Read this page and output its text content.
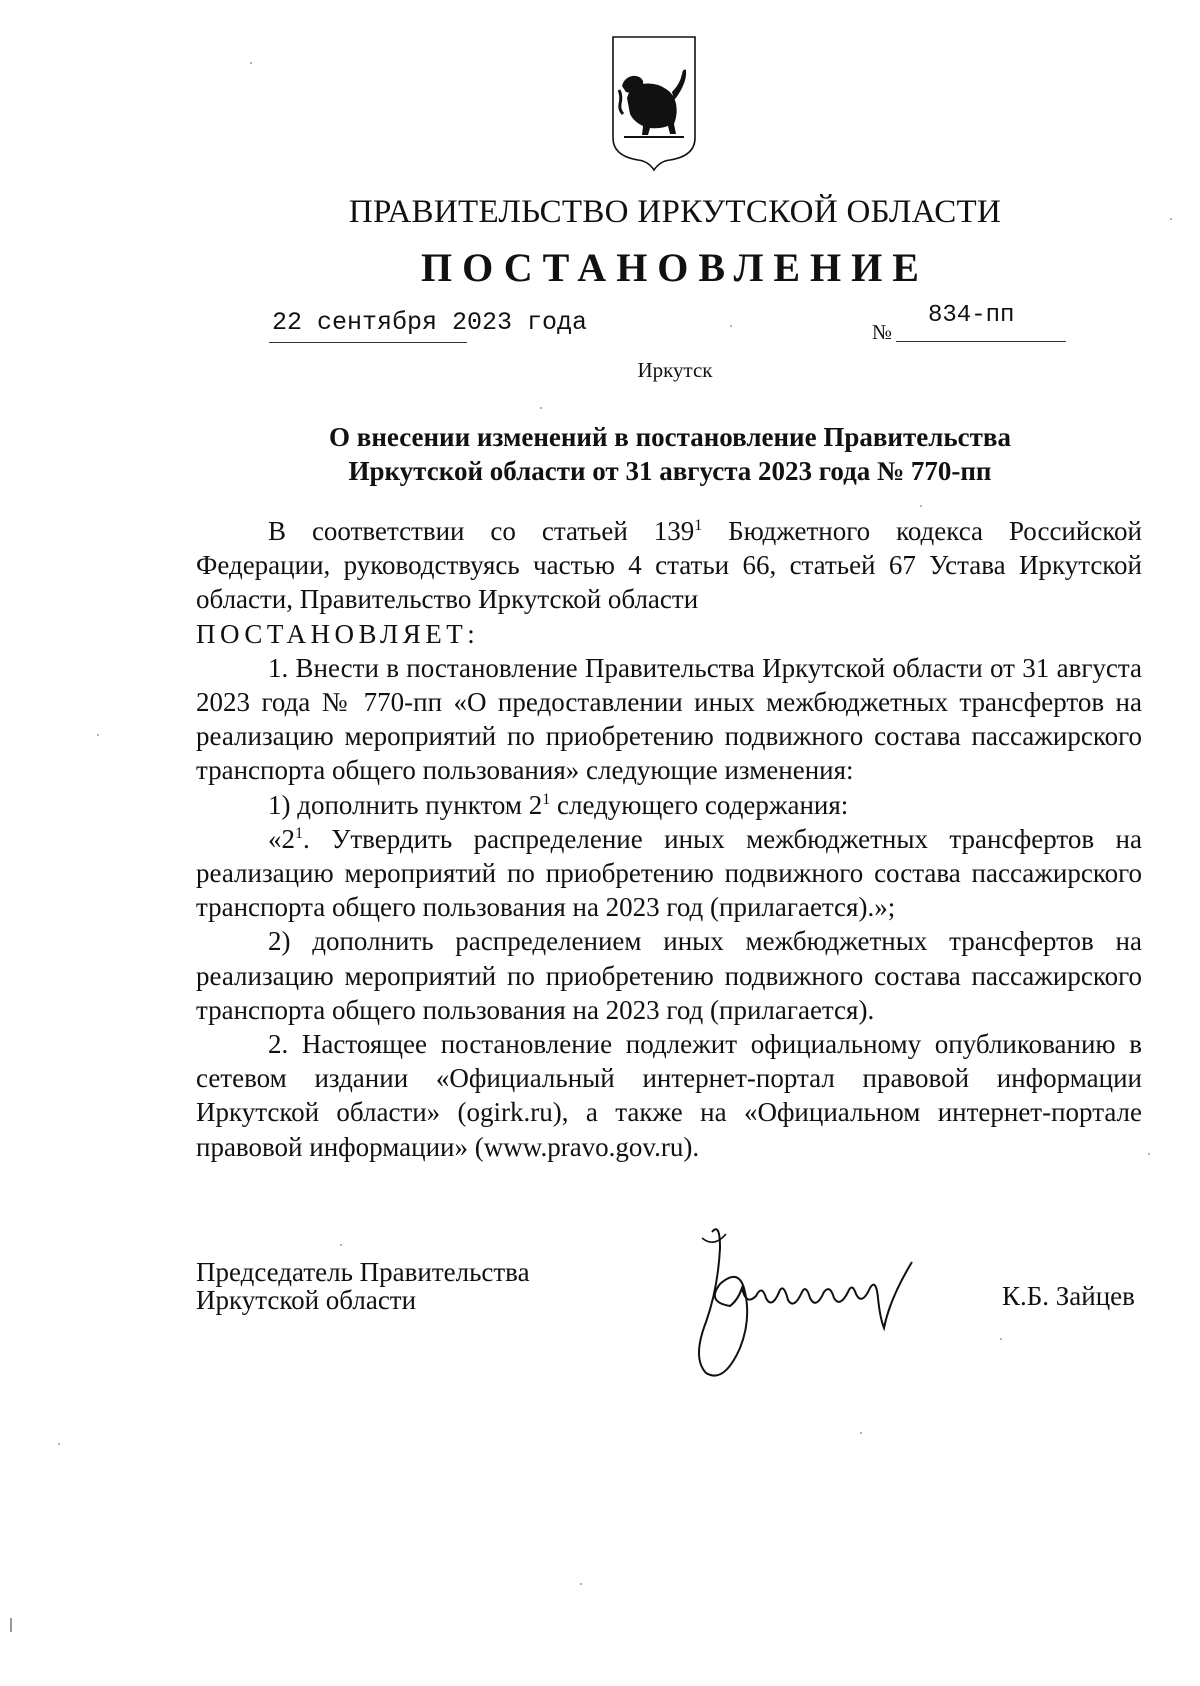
ПРАВИТЕЛЬСТВО ИРКУТСКОЙ ОБЛАСТИ
ПОСТАНОВЛЕНИЕ
22 сентября 2023 года	№
834-пп
Иркутск
О внесении изменений в постановление Правительства
Иркутской области от 31 августа 2023 года № 770-пп

В соответствии со статьей $139^1$ Бюджетного кодекса Российской Федерации, руководствуясь частью 4 статьи 66, статьей 67 Устава Иркутской области, Правительство Иркутской области

ПОСТАНОВЛЯЕТ:

1. Внести в постановление Правительства Иркутской области от 31 августа 2023 года № 770-пп «О предоставлении иных межбюджетных трансфертов на реализацию мероприятий по приобретению подвижного состава пассажирского транспорта общего пользования» следующие изменения:

1) дополнить пунктом $2^1$ следующего содержания:

«$2^1$. Утвердить распределение иных межбюджетных трансфертов на реализацию мероприятий по приобретению подвижного состава пассажирского транспорта общего пользования на 2023 год (прилагается).»;

2) дополнить распределением иных межбюджетных трансфертов на реализацию мероприятий по приобретению подвижного состава пассажирского транспорта общего пользования на 2023 год (прилагается).

2. Настоящее постановление подлежит официальному опубликованию в сетевом издании «Официальный интернет-портал правовой информации Иркутской области» (ogirk.ru), а также на «Официальном интернет-портале правовой информации» (www.pravo.gov.ru).

Председатель Правительства
Иркутской области	К.Б. Зайцев
